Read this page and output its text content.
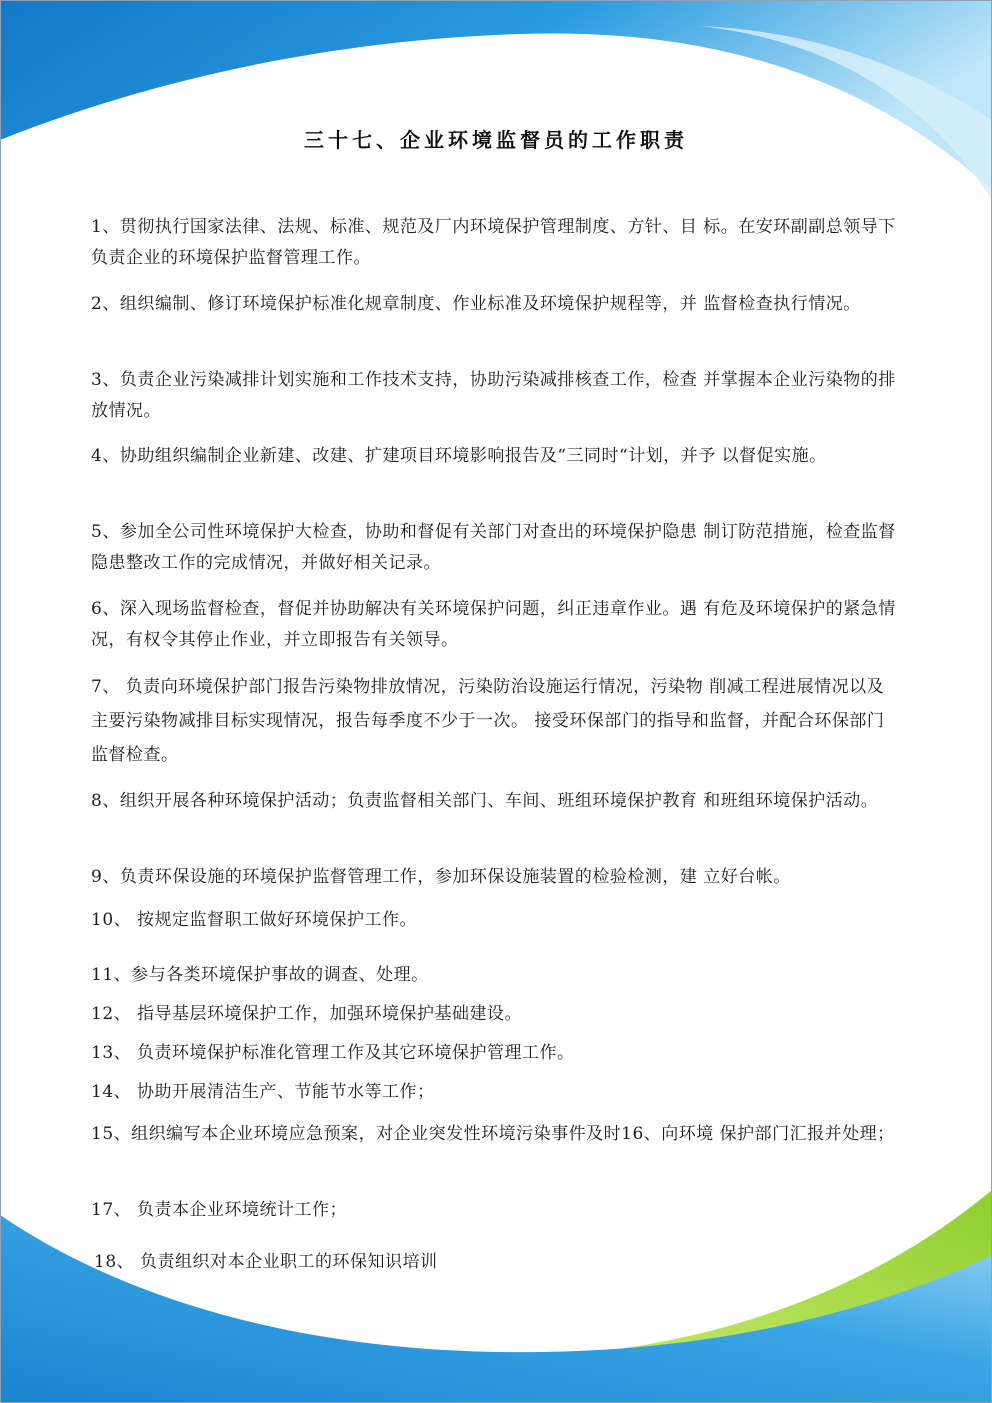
三十七、企业环境监督员的工作职责
1、贯彻执行国家法律、法规、标准、规范及厂内环境保护管理制度、方针、目 标。在安环副副总领导下负责企业的环境保护监督管理工作。
2、组织编制、修订环境保护标准化规章制度、作业标准及环境保护规程等，并 监督检查执行情况。
3、负责企业污染减排计划实施和工作技术支持，协助污染减排核查工作，检查 并掌握本企业污染物的排放情况。
4、协助组织编制企业新建、改建、扩建项目环境影响报告及“三同时“计划，并予 以督促实施。
5、参加全公司性环境保护大检查，协助和督促有关部门对查出的环境保护隐患 制订防范措施，检查监督隐患整改工作的完成情况，并做好相关记录。
6、深入现场监督检查，督促并协助解决有关环境保护问题，纠正违章作业。遇 有危及环境保护的紧急情况，有权令其停止作业，并立即报告有关领导。
7、 负责向环境保护部门报告污染物排放情况，污染防治设施运行情况，污染物 削减工程进展情况以及主要污染物减排目标实现情况，报告每季度不少于一次。 接受环保部门的指导和监督，并配合环保部门监督检查。
8、组织开展各种环境保护活动；负责监督相关部门、车间、班组环境保护教育 和班组环境保护活动。
9、负责环保设施的环境保护监督管理工作，参加环保设施装置的检验检测，建 立好台帐。
10、 按规定监督职工做好环境保护工作。
11、参与各类环境保护事故的调查、处理。
12、 指导基层环境保护工作，加强环境保护基础建设。
13、 负责环境保护标准化管理工作及其它环境保护管理工作。
14、 协助开展清洁生产、节能节水等工作；
15、组织编写本企业环境应急预案，对企业突发性环境污染事件及时16、向环境 保护部门汇报并处理；
17、 负责本企业环境统计工作；
18、 负责组织对本企业职工的环保知识培训
